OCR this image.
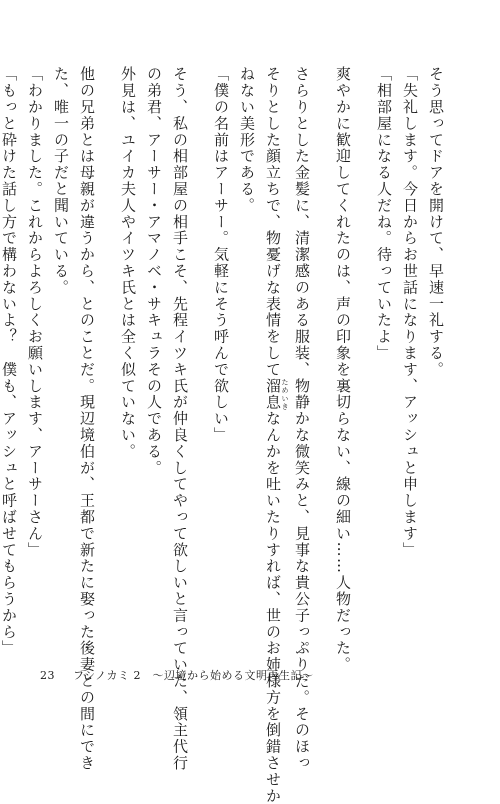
そう思ってドアを開けて、早速一礼する。
「失礼します。今日からお世話になります、アッシュと申します」
「相部屋になる人だね。待っていたよ」
爽やかに歓迎してくれたのは、声の印象を裏切らない、線の細い……人物だった。
さらりとした金髪に、清潔感のある服装、物静かな微笑みと、見事な貴公子っぷりだ。そのほっ
そりとした顔立ちで、物憂げな表情をして溜息 ためいきなんかを吐いたりすれば、世のお姉様方を倒錯させか
ねない美形である。
「僕の名前はアーサー。気軽にそう呼んで欲しい」
そう、私の相部屋の相手こそ、先程イツキ氏が仲良くしてやって欲しいと言っていた、領主代行
の弟君、アーサー・アマノベ・サキュラその人である。
外見は、ユイカ夫人やイツキ氏とは全く似ていない。
他の兄弟とは母親が違うから、とのことだ。現辺境伯が、王都で新たに娶った後妻との間にでき
た、唯一の子だと聞いている。
「わかりました。これからよろしくお願いします、アーサーさん」
「もっと砕けた話し方で構わないよ？　僕も、アッシュと呼ばせてもらうから」
23 フシノカミ 2　～辺境から始める文明再生記～
